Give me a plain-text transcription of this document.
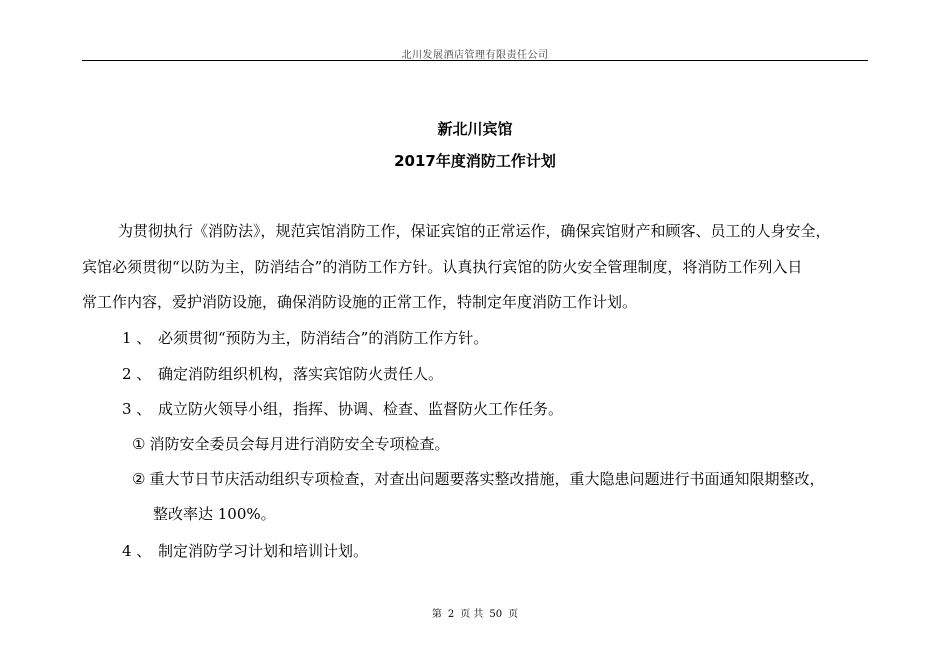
北川发展酒店管理有限责任公司
新北川宾馆
2017年度消防工作计划
为贯彻执行《消防法》，规范宾馆消防工作，保证宾馆的正常运作，确保宾馆财产和顾客、员工的人身安全，
宾馆必须贯彻“以防为主，防消结合”的消防工作方针。认真执行宾馆的防火安全管理制度，将消防工作列入日
常工作内容，爱护消防设施，确保消防设施的正常工作，特制定年度消防工作计划。
1 、 必须贯彻“预防为主，防消结合”的消防工作方针。
2 、 确定消防组织机构，落实宾馆防火责任人。
3 、 成立防火领导小组，指挥、协调、检查、监督防火工作任务。
① 消防安全委员会每月进行消防安全专项检查。
② 重大节日节庆活动组织专项检查，对查出问题要落实整改措施，重大隐患问题进行书面通知限期整改，
整改率达 100%。
4 、 制定消防学习计划和培训计划。
第 2 页 共 50 页
